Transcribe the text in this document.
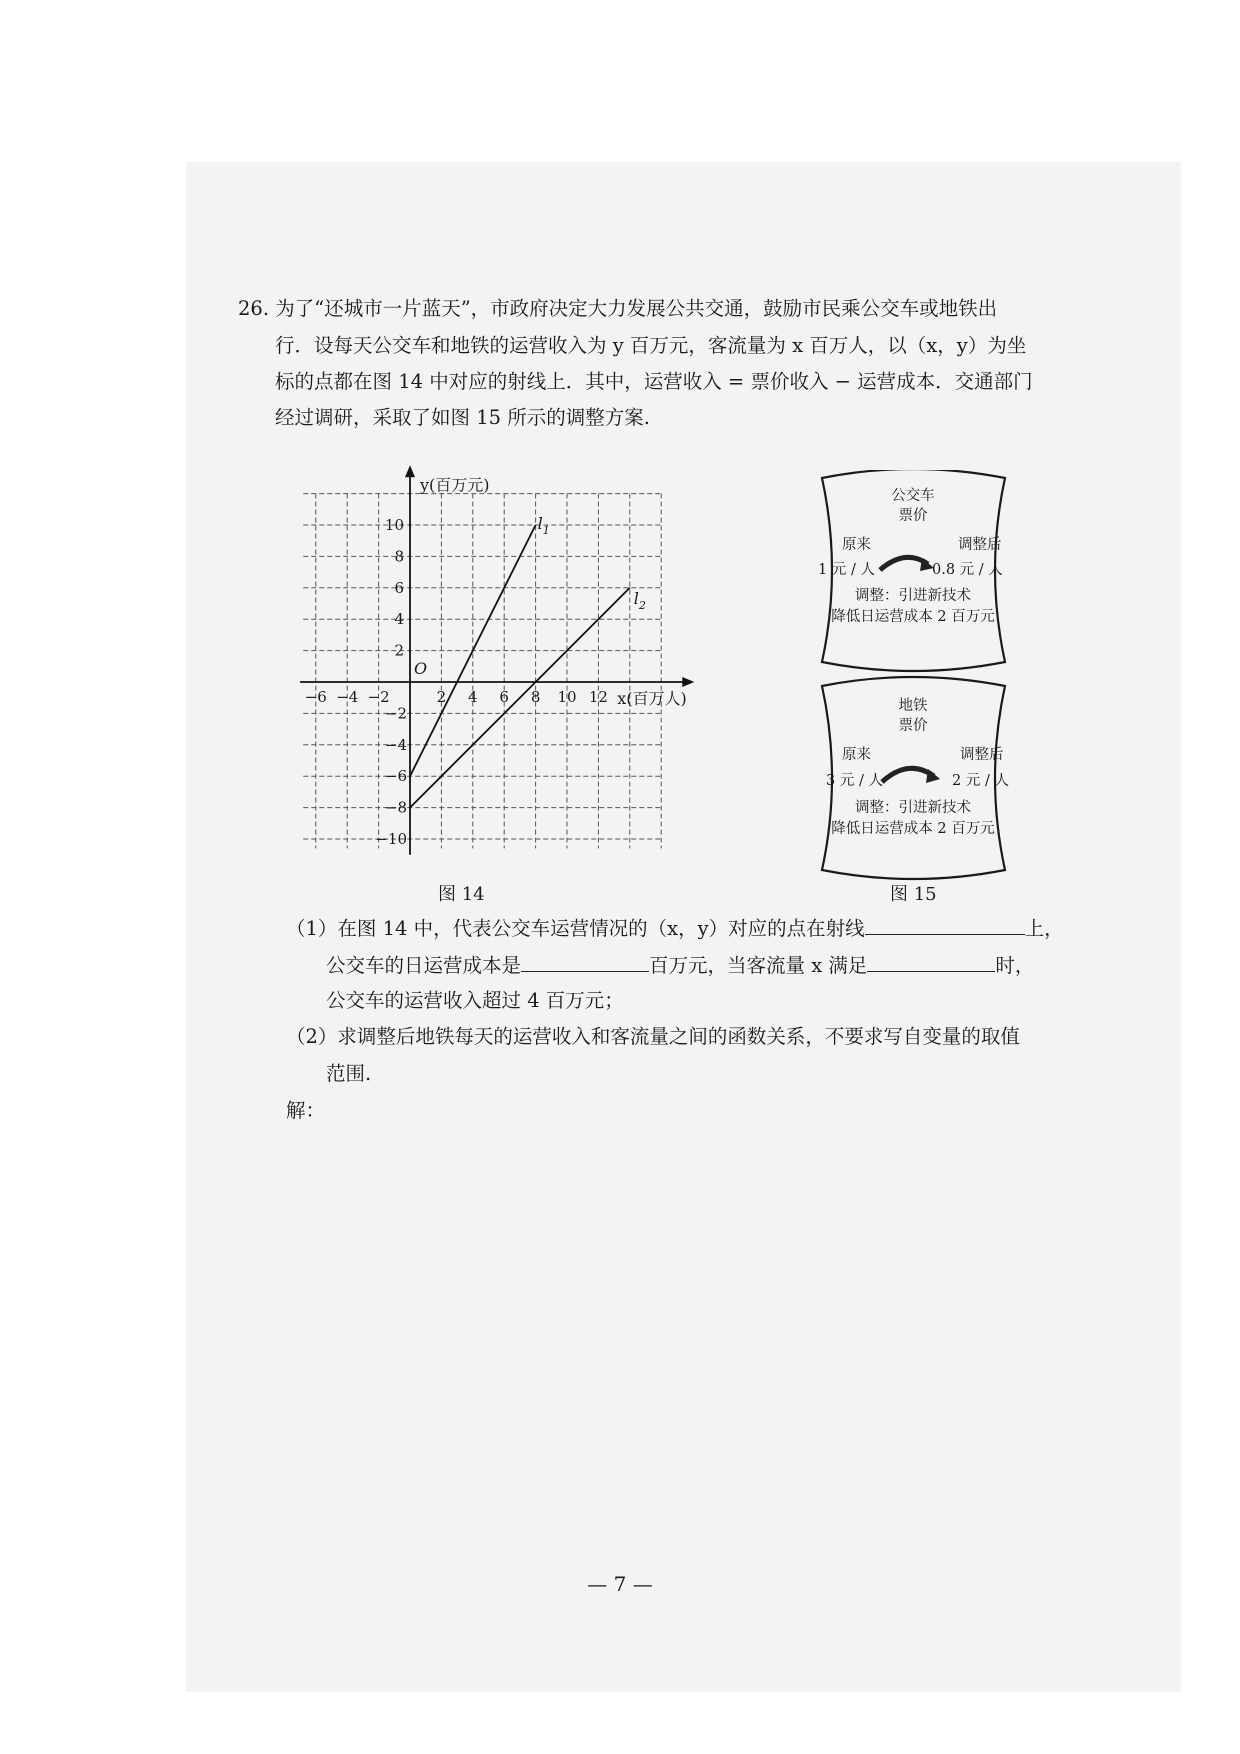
26. 为了“还城市一片蓝天”，市政府决定大力发展公共交通，鼓励市民乘公交车或地铁出
行．设每天公交车和地铁的运营收入为 y 百万元，客流量为 x 百万人，以（x，y）为坐
标的点都在图 14 中对应的射线上．其中，运营收入 = 票价收入 − 运营成本．交通部门
经过调研，采取了如图 15 所示的调整方案.
10
8
6
4
2
−2
−4
−6
−8
−10
−6 −4 −2	2 4 6 8 10 12
O
y(百万元)
x(百万人)
$l_1$
$l_2$
图 14
公交车
票价
原来	调整后
1 元 / 人	0.8 元 / 人
调整：引进新技术
降低日运营成本 2 百万元
地铁
票价
原来	调整后
3 元 / 人	2 元 / 人
调整：引进新技术
降低日运营成本 2 百万元
图 15
（1）在图 14 中，代表公交车运营情况的（x，y）对应的点在射线	上，
公交车的日运营成本是	百万元，当客流量 x 满足	时，
公交车的运营收入超过 4 百万元；
（2）求调整后地铁每天的运营收入和客流量之间的函数关系，不要求写自变量的取值
范围.
解：
— 7 —
